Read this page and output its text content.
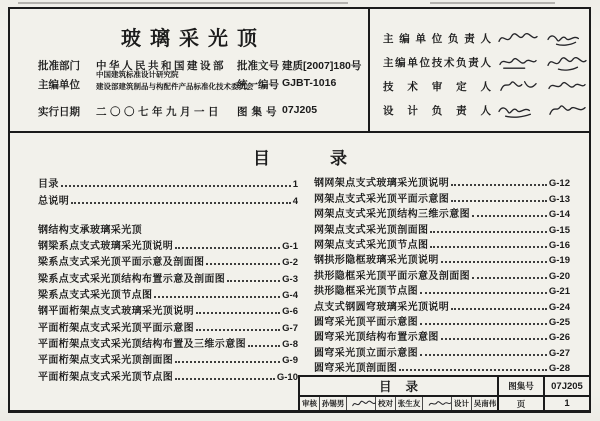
玻璃采光顶
批准部门 中华人民共和国建设部 批准文号 建质[2007]180号
主编单位
中国建筑标准设计研究院
建设部建筑制品与构配件产品标准化技术委员会
统一编号 GJBT-1016
实行日期 二〇〇七年九月一日 图集号 07J205
主编单位负责人
主编单位技术负责人
技术审定人
设计负责人
目录
目录	1
总说明	4
钢结构支承玻璃采光顶
钢梁系点支式玻璃采光顶说明	G-1
梁系点支式采光顶平面示意及剖面图	G-2
梁系点支式采光顶结构布置示意及剖面图	G-3
梁系点支式采光顶节点图	G-4
钢平面桁架点支式玻璃采光顶说明	G-6
平面桁架点支式采光顶平面示意图	G-7
平面桁架点支式采光顶结构布置及三维示意图	G-8
平面桁架点支式采光顶剖面图	G-9
平面桁架点支式采光顶节点图	G-10
钢网架点支式玻璃采光顶说明	G-12
网架点支式采光顶平面示意图	G-13
网架点支式采光顶结构三维示意图	G-14
网架点支式采光顶剖面图	G-15
网架点支式采光顶节点图	G-16
钢拱形隐框玻璃采光顶说明	G-19
拱形隐框采光顶平面示意及剖面图	G-20
拱形隐框采光顶节点图	G-21
点支式钢圆穹玻璃采光顶说明	G-24
圆穹采光顶平面示意图	G-25
圆穹采光顶结构布置示意图	G-26
圆穹采光顶立面示意图	G-27
圆穹采光顶剖面图	G-28
目录	图集号	07J205
审核 孙锡男	校对 张生友	设计 吴南伟	页	1
